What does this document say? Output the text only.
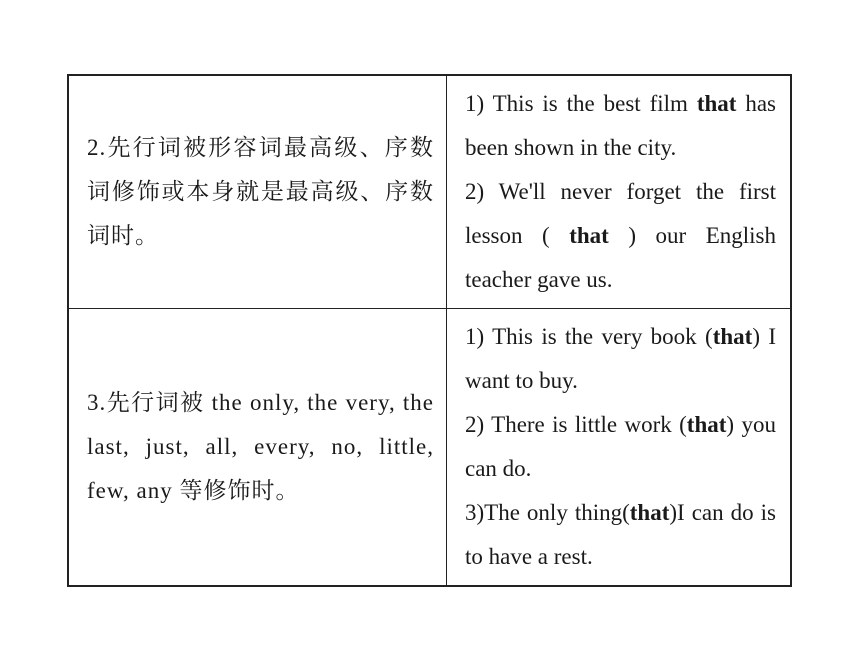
2.先行词被形容词最高级、序数词修饰或本身就是最高级、序数词时。	1) This is the best film that has been shown in the city.

2) We'll never forget the first lesson ( that ) our English teacher gave us.

3.先行词被 the only, the very, the last, just, all, every, no, little, few, any 等修饰时。	1) This is the very book (that) I want to buy.

2) There is little work (that) you can do.

3)The only thing(that)I can do is to have a rest.
